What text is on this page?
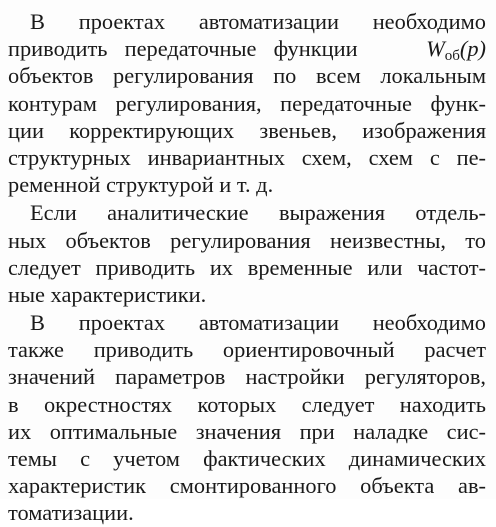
В проектах автоматизации необходимо
приводить передаточные функции	$W_{об}(p)$
объектов регулирования по всем локальным
контурам регулирования, передаточные функ-
ции корректирующих звеньев, изображения
структурных инвариантных схем, схем с пе-
ременной структурой и т. д.
Если аналитические выражения отдель-
ных объектов регулирования неизвестны, то
следует приводить их временные или частот-
ные характеристики.
В проектах автоматизации необходимо
также приводить ориентировочный расчет
значений параметров настройки регуляторов,
в окрестностях которых следует находить
их оптимальные значения при наладке сис-
темы с учетом фактических динамических
характеристик смонтированного объекта ав-
томатизации.
